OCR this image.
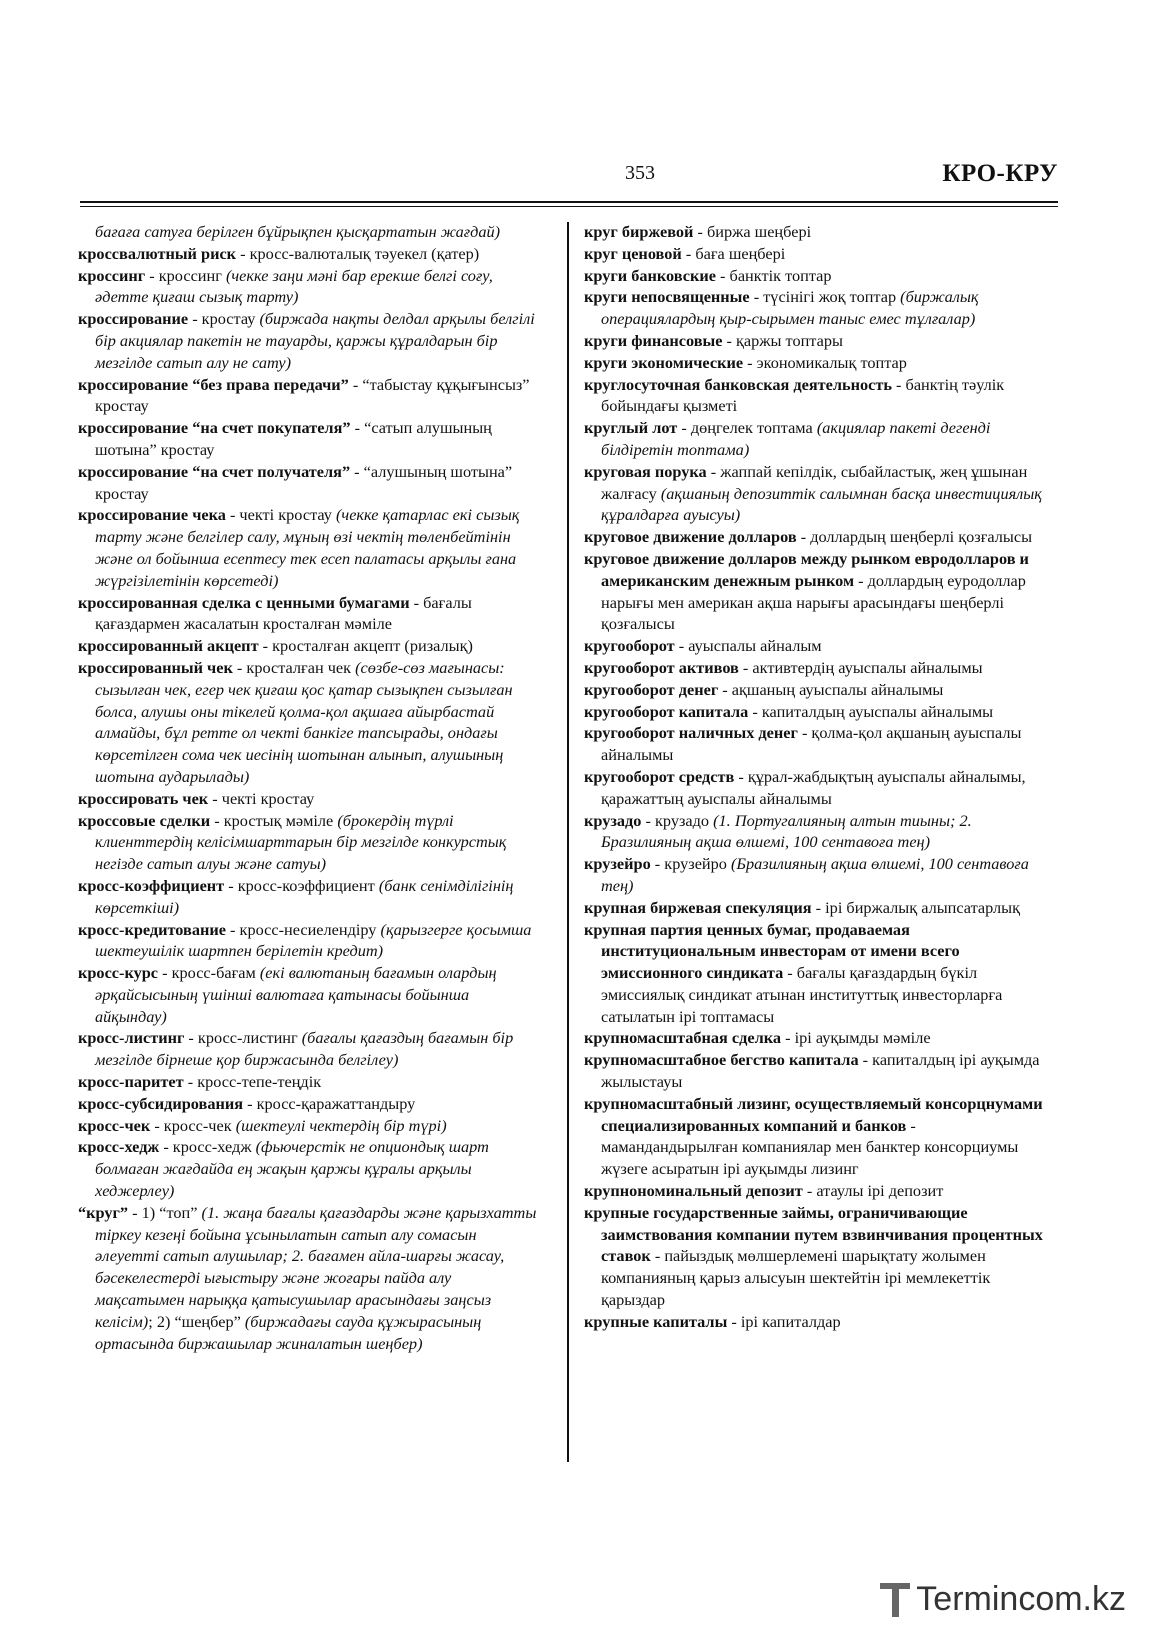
353	КРО-КРУ
бағаға сатуға берілген бұйрықпен қысқартатын жағдай)
кроссвалютный риск - кросс-валюталық тәуекел (қатер)
кроссинг - кроссинг (чекке заңи мәні бар ерекше белгі соғу, әдетте қиғаш сызық тарту)
кроссирование - кростау (биржада нақты делдал арқылы белгілі бір акциялар пакетін не тауарды, қаржы құралдарын бір мезгілде сатып алу не сату)
кроссирование “без права передачи” - “табыстау құқығынсыз” кростау
кроссирование “на счет покупателя” - “сатып алушының шотына” кростау
кроссирование “на счет получателя” - “алушының шотына” кростау
кроссирование чека - чекті кростау (чекке қатарлас екі сызық тарту және белгілер салу, мұның өзі чектің төленбейтінін және ол бойынша есептесу тек есеп палатасы арқылы ғана жүргізілетінін көрсетеді)
кроссированная сделка с ценными бумагами - бағалы қағаздармен жасалатын кросталған мәміле
кроссированный акцепт - кросталған акцепт (ризалық)
кроссированный чек - кросталған чек (сөзбе-сөз мағынасы: сызылған чек, егер чек қиғаш қос қатар сызықпен сызылған болса, алушы оны тікелей қолма-қол ақшаға айырбастай алмайды, бұл ретте ол чекті банкіге тапсырады, ондағы көрсетілген сома чек иесінің шотынан алынып, алушының шотына аударылады)
кроссировать чек - чекті кростау
кроссовые сделки - кростық мәміле (брокердің түрлі клиенттердің келісімшарттарын бір мезгілде конкурстық негізде сатып алуы және сатуы)
кросс-коэффициент - кросс-коэффициент (банк сенімділігінің көрсеткіші)
кросс-кредитование - кросс-несиелендіру (қарызгерге қосымша шектеушілік шартпен берілетін кредит)
кросс-курс - кросс-бағам (екі валютаның бағамын олардың әрқайсысының үшінші валютаға қатынасы бойынша айқындау)
кросс-листинг - кросс-листинг (бағалы қағаздың бағамын бір мезгілде бірнеше қор биржасында белгілеу)
кросс-паритет - кросс-тепе-теңдік
кросс-субсидирования - кросс-қаражаттандыру
кросс-чек - кросс-чек (шектеулі чектердің бір түрі)
кросс-хедж - кросс-хедж (фьючерстік не опциондық шарт болмаған жағдайда ең жақын қаржы құралы арқылы хеджерлеу)
“круг” - 1) “топ” (1. жаңа бағалы қағаздарды және қарызхатты тіркеу кезеңі бойына ұсынылатын сатып алу сомасын әлеуетті сатып алушылар; 2. бағамен айла-шарғы жасау, бәсекелестерді ығыстыру және жоғары пайда алу мақсатымен нарыққа қатысушылар арасындағы заңсыз келісім); 2) “шеңбер” (биржадағы сауда құжырасының ортасында биржашылар жиналатын шеңбер)
круг биржевой - биржа шеңбері
круг ценовой - баға шеңбері
круги банковские - банктік топтар
круги непосвященные - түсінігі жоқ топтар (биржалық операциялардың қыр-сырымен таныс емес тұлғалар)
круги финансовые - қаржы топтары
круги экономические - экономикалық топтар
круглосуточная банковская деятельность - банктің тәулік бойындағы қызметі
круглый лот - дөңгелек топтама (акциялар пакеті дегенді білдіретін топтама)
круговая порука - жаппай кепілдік, сыбайластық, жең ұшынан жалғасу (ақшаның депозиттік салымнан басқа инвестициялық құралдарға ауысуы)
круговое движение долларов - доллардың шеңберлі қозғалысы
круговое движение долларов между рынком евродолларов и американским денежным рынком - доллардың еуродоллар нарығы мен американ ақша нарығы арасындағы шеңберлі қозғалысы
кругооборот - ауыспалы айналым
кругооборот активов - активтердің ауыспалы айналымы
кругооборот денег - ақшаның ауыспалы айналымы
кругооборот капитала - капиталдың ауыспалы айналымы
кругооборот наличных денег - қолма-қол ақшаның ауыспалы айналымы
кругооборот средств - құрал-жабдықтың ауыспалы айналымы, қаражаттың ауыспалы айналымы
крузадо - крузадо (1. Португалияның алтын тиыны; 2. Бразилияның ақша өлшемі, 100 сентавоға тең)
крузейро - крузейро (Бразилияның ақша өлшемі, 100 сентавоға тең)
крупная биржевая спекуляция - ірі биржалық алыпсатарлық
крупная партия ценных бумаг, продаваемая институциональным инвесторам от имени всего эмиссионного синдиката - бағалы қағаздардың бүкіл эмиссиялық синдикат атынан институттық инвесторларға сатылатын ірі топтамасы
крупномасштабная сделка - ірі ауқымды мәміле
крупномасштабное бегство капитала - капиталдың ірі ауқымда жылыстауы
крупномасштабный лизинг, осуществляемый консорцнумами специализированных компаний и банков - мамандандырылған компаниялар мен банктер консорциумы жүзеге асыратын ірі ауқымды лизинг
крупнономинальный депозит - атаулы ірі депозит
крупные государственные займы, ограничивающие заимствования компании путем взвинчивания процентных ставок - пайыздық мөлшерлемені шарықтату жолымен компанияның қарыз алысуын шектейтін ірі мемлекеттік қарыздар
крупные капиталы - ірі капиталдар
Termincom.kz
